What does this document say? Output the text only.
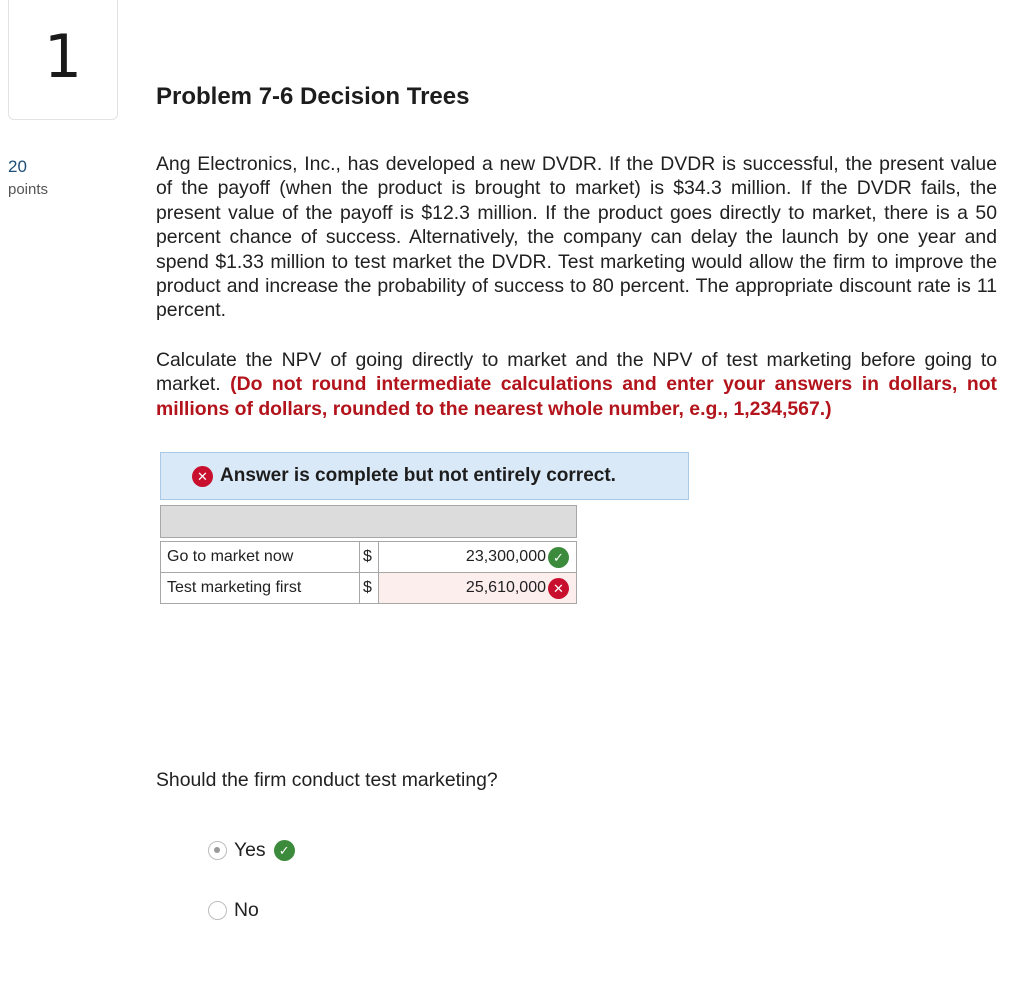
1
20
points
Problem 7-6 Decision Trees

Ang Electronics, Inc., has developed a new DVDR. If the DVDR is successful, the present value of the payoff (when the product is brought to market) is $34.3 million. If the DVDR fails, the present value of the payoff is $12.3 million. If the product goes directly to market, there is a 50 percent chance of success. Alternatively, the company can delay the launch by one year and spend $1.33 million to test market the DVDR. Test marketing would allow the firm to improve the product and increase the probability of success to 80 percent. The appropriate discount rate is 11 percent.

Calculate the NPV of going directly to market and the NPV of test marketing before going to market. (Do not round intermediate calculations and enter your answers in dollars, not millions of dollars, rounded to the nearest whole number, e.g., 1,234,567.)

✕ Answer is complete but not entirely correct.

Go to market now	$	23,300,000 ✓

Test marketing first	$	25,610,000 ✕

Should the firm conduct test marketing?

Yes	✓
No
